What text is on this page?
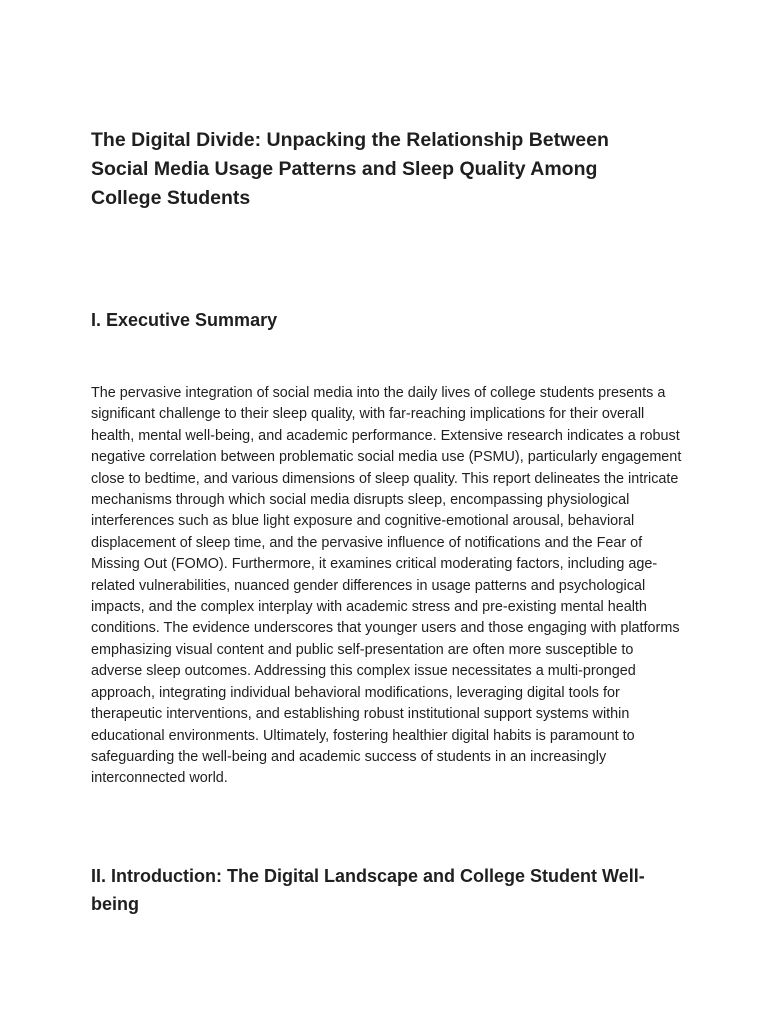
The Digital Divide: Unpacking the Relationship Between Social Media Usage Patterns and Sleep Quality Among College Students
I. Executive Summary

The pervasive integration of social media into the daily lives of college students presents a significant challenge to their sleep quality, with far-reaching implications for their overall health, mental well-being, and academic performance. Extensive research indicates a robust negative correlation between problematic social media use (PSMU), particularly engagement close to bedtime, and various dimensions of sleep quality. This report delineates the intricate mechanisms through which social media disrupts sleep, encompassing physiological interferences such as blue light exposure and cognitive-emotional arousal, behavioral displacement of sleep time, and the pervasive influence of notifications and the Fear of Missing Out (FOMO). Furthermore, it examines critical moderating factors, including age-related vulnerabilities, nuanced gender differences in usage patterns and psychological impacts, and the complex interplay with academic stress and pre-existing mental health conditions. The evidence underscores that younger users and those engaging with platforms emphasizing visual content and public self-presentation are often more susceptible to adverse sleep outcomes. Addressing this complex issue necessitates a multi-pronged approach, integrating individual behavioral modifications, leveraging digital tools for therapeutic interventions, and establishing robust institutional support systems within educational environments. Ultimately, fostering healthier digital habits is paramount to safeguarding the well-being and academic success of students in an increasingly interconnected world.

II. Introduction: The Digital Landscape and College Student Well-being
